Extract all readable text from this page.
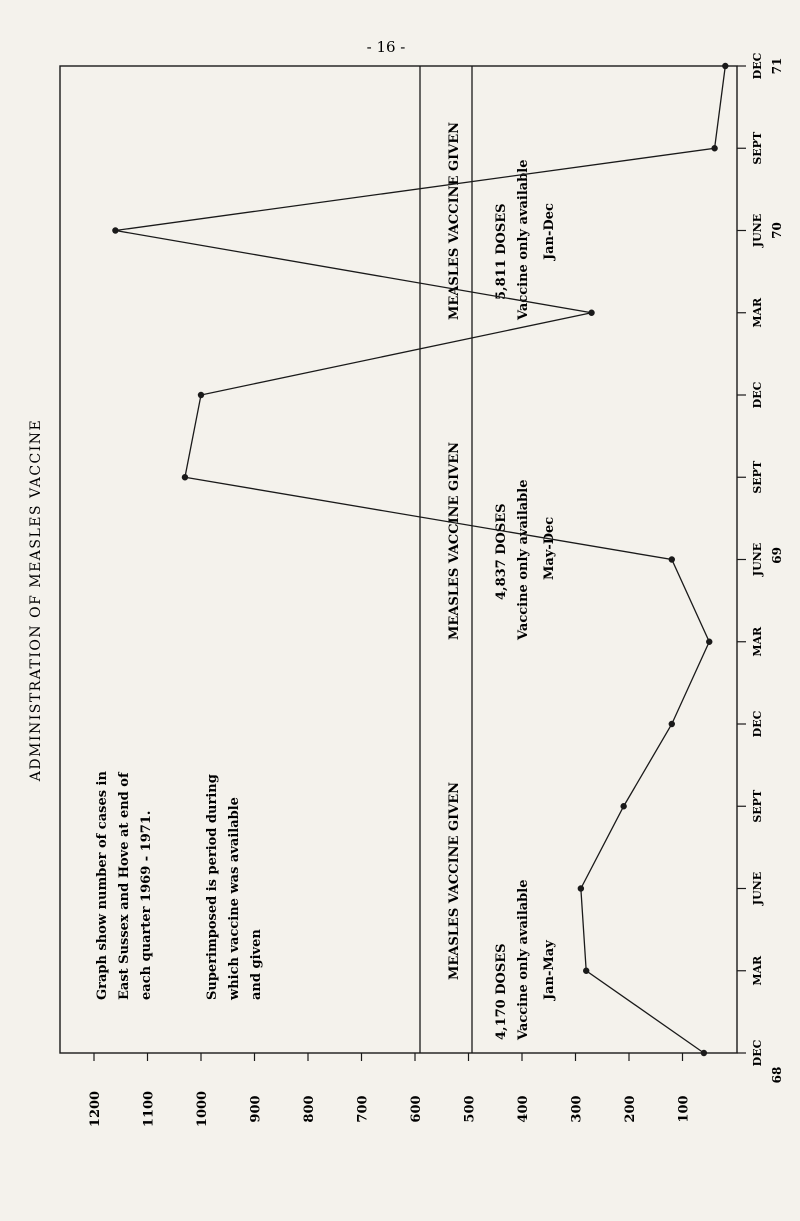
- 16 -
ADMINISTRATION OF MEASLES VACCINE
Graph show number of cases in East Sussex and Hove at end of each quarter 1969 - 1971.	Superimposed is period during which vaccine was available and given	MEASLES VACCINE GIVEN
4,170 DOSES Vaccine only available Jan-May
MEASLES VACCINE GIVEN 4,837 DOSES Vaccine only available May-Dec
MEASLES VACCINE GIVEN 5,811 DOSES Vaccine only available Jan-Dec
100
200
300
400
500
600
700
800
900
1000
1100
1200
DEC
MAR
JUNE
SEPT
DEC
MAR
JUNE
SEPT
DEC
MAR
JUNE
SEPT
DEC
68
69
70
71
